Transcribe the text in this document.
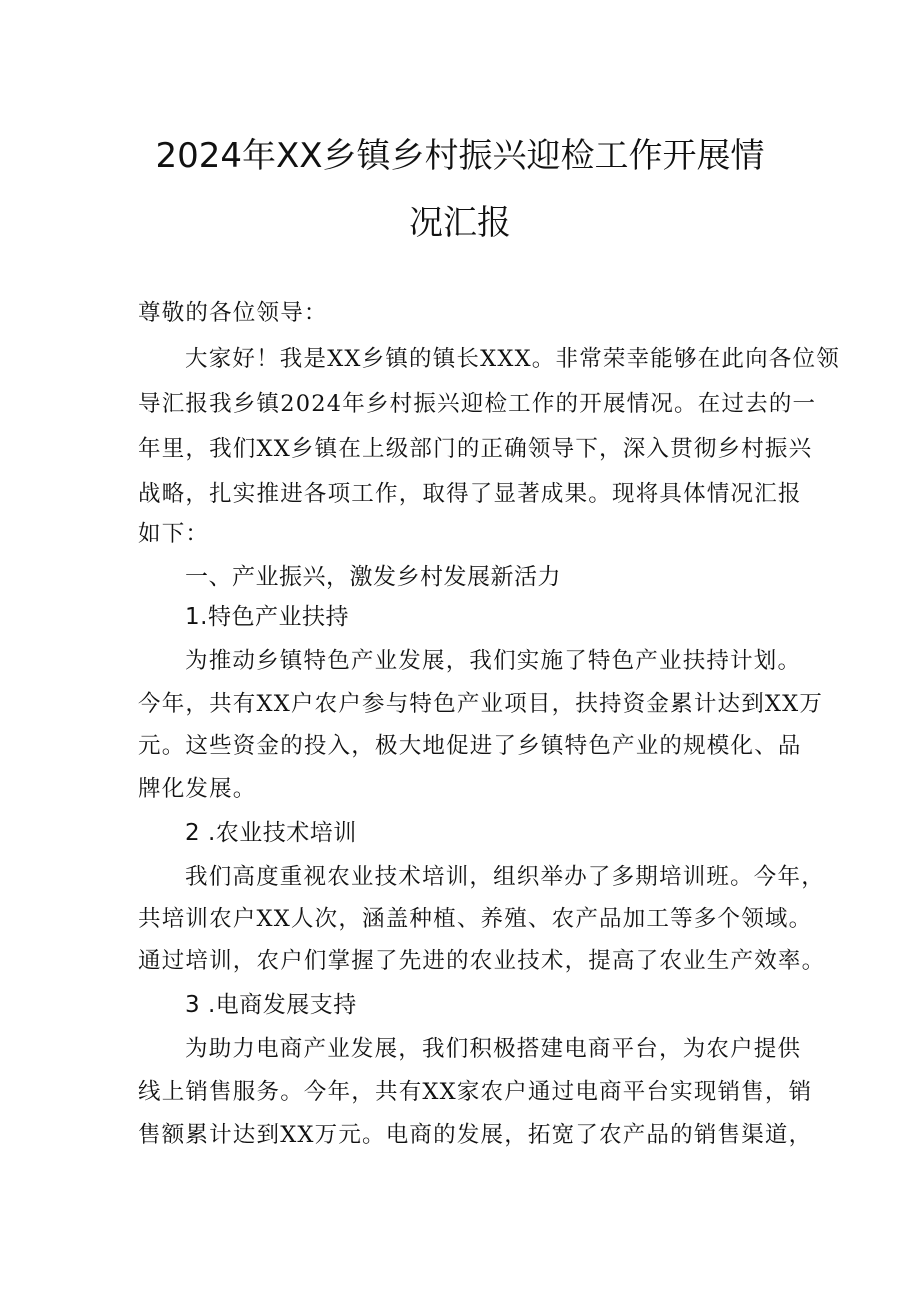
2024年XX乡镇乡村振兴迎检工作开展情
况汇报
尊敬的各位领导：
大家好！我是XX乡镇的镇长XXX。非常荣幸能够在此向各位领
导汇报我乡镇2024年乡村振兴迎检工作的开展情况。在过去的一
年里，我们XX乡镇在上级部门的正确领导下，深入贯彻乡村振兴
战略，扎实推进各项工作，取得了显著成果。现将具体情况汇报
如下：
一、产业振兴，激发乡村发展新活力
1.特色产业扶持
为推动乡镇特色产业发展，我们实施了特色产业扶持计划。
今年，共有XX户农户参与特色产业项目，扶持资金累计达到XX万
元。这些资金的投入，极大地促进了乡镇特色产业的规模化、品
牌化发展。
2 .农业技术培训
我们高度重视农业技术培训，组织举办了多期培训班。今年，
共培训农户XX人次，涵盖种植、养殖、农产品加工等多个领域。
通过培训，农户们掌握了先进的农业技术，提高了农业生产效率。
3 .电商发展支持
为助力电商产业发展，我们积极搭建电商平台，为农户提供
线上销售服务。今年，共有XX家农户通过电商平台实现销售，销
售额累计达到XX万元。电商的发展，拓宽了农产品的销售渠道，
